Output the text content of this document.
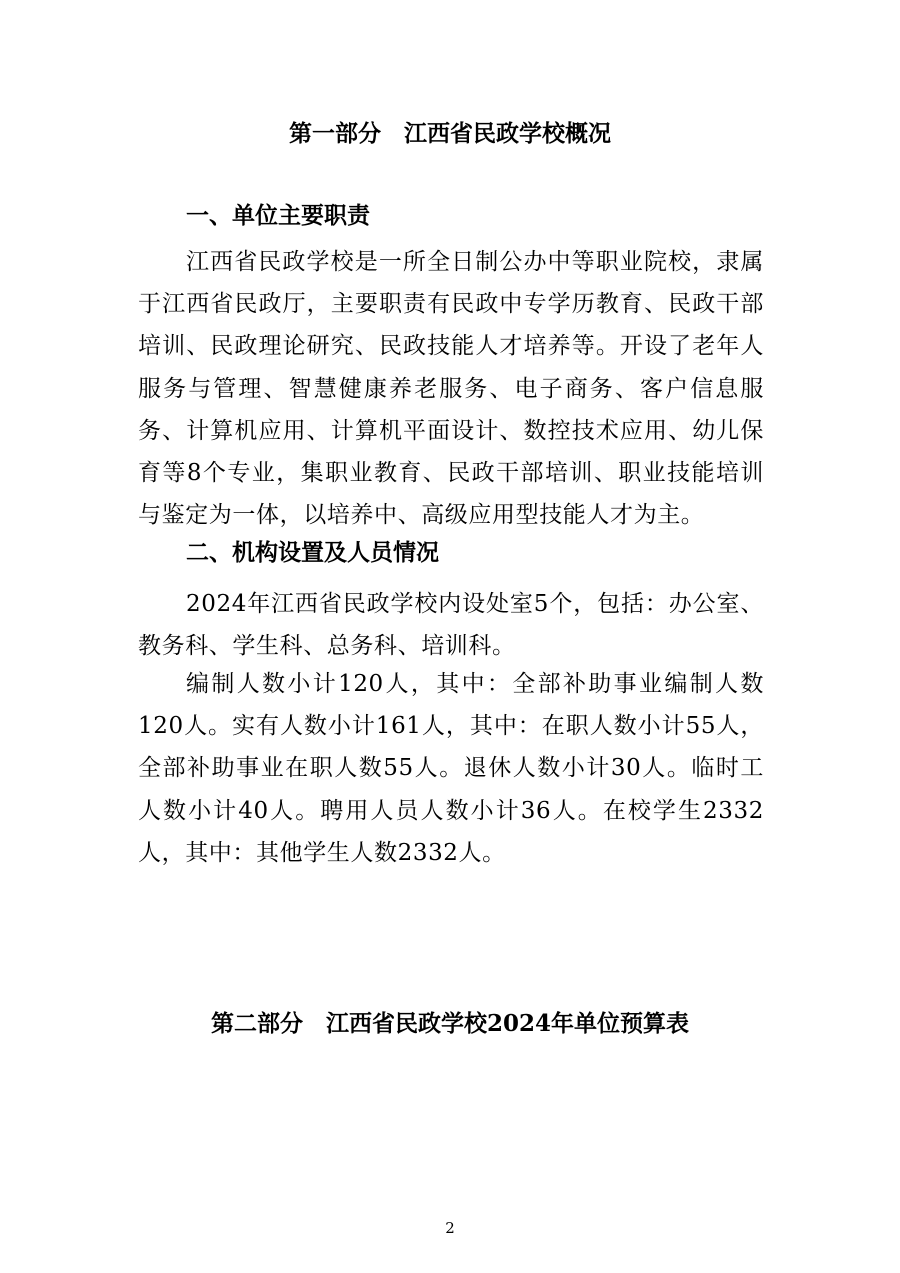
第一部分　江西省民政学校概况
一、单位主要职责

江西省民政学校是一所全日制公办中等职业院校，隶属于江西省民政厅，主要职责有民政中专学历教育、民政干部培训、民政理论研究、民政技能人才培养等。开设了老年人服务与管理、智慧健康养老服务、电子商务、客户信息服务、计算机应用、计算机平面设计、数控技术应用、幼儿保育等8个专业，集职业教育、民政干部培训、职业技能培训与鉴定为一体，以培养中、高级应用型技能人才为主。

二、机构设置及人员情况

2024年江西省民政学校内设处室5个，包括：办公室、教务科、学生科、总务科、培训科。

编制人数小计120人，其中：全部补助事业编制人数120人。实有人数小计161人，其中：在职人数小计55人，全部补助事业在职人数55人。退休人数小计30人。临时工人数小计40人。聘用人员人数小计36人。在校学生2332人，其中：其他学生人数2332人。

第二部分　江西省民政学校2024年单位预算表
2
